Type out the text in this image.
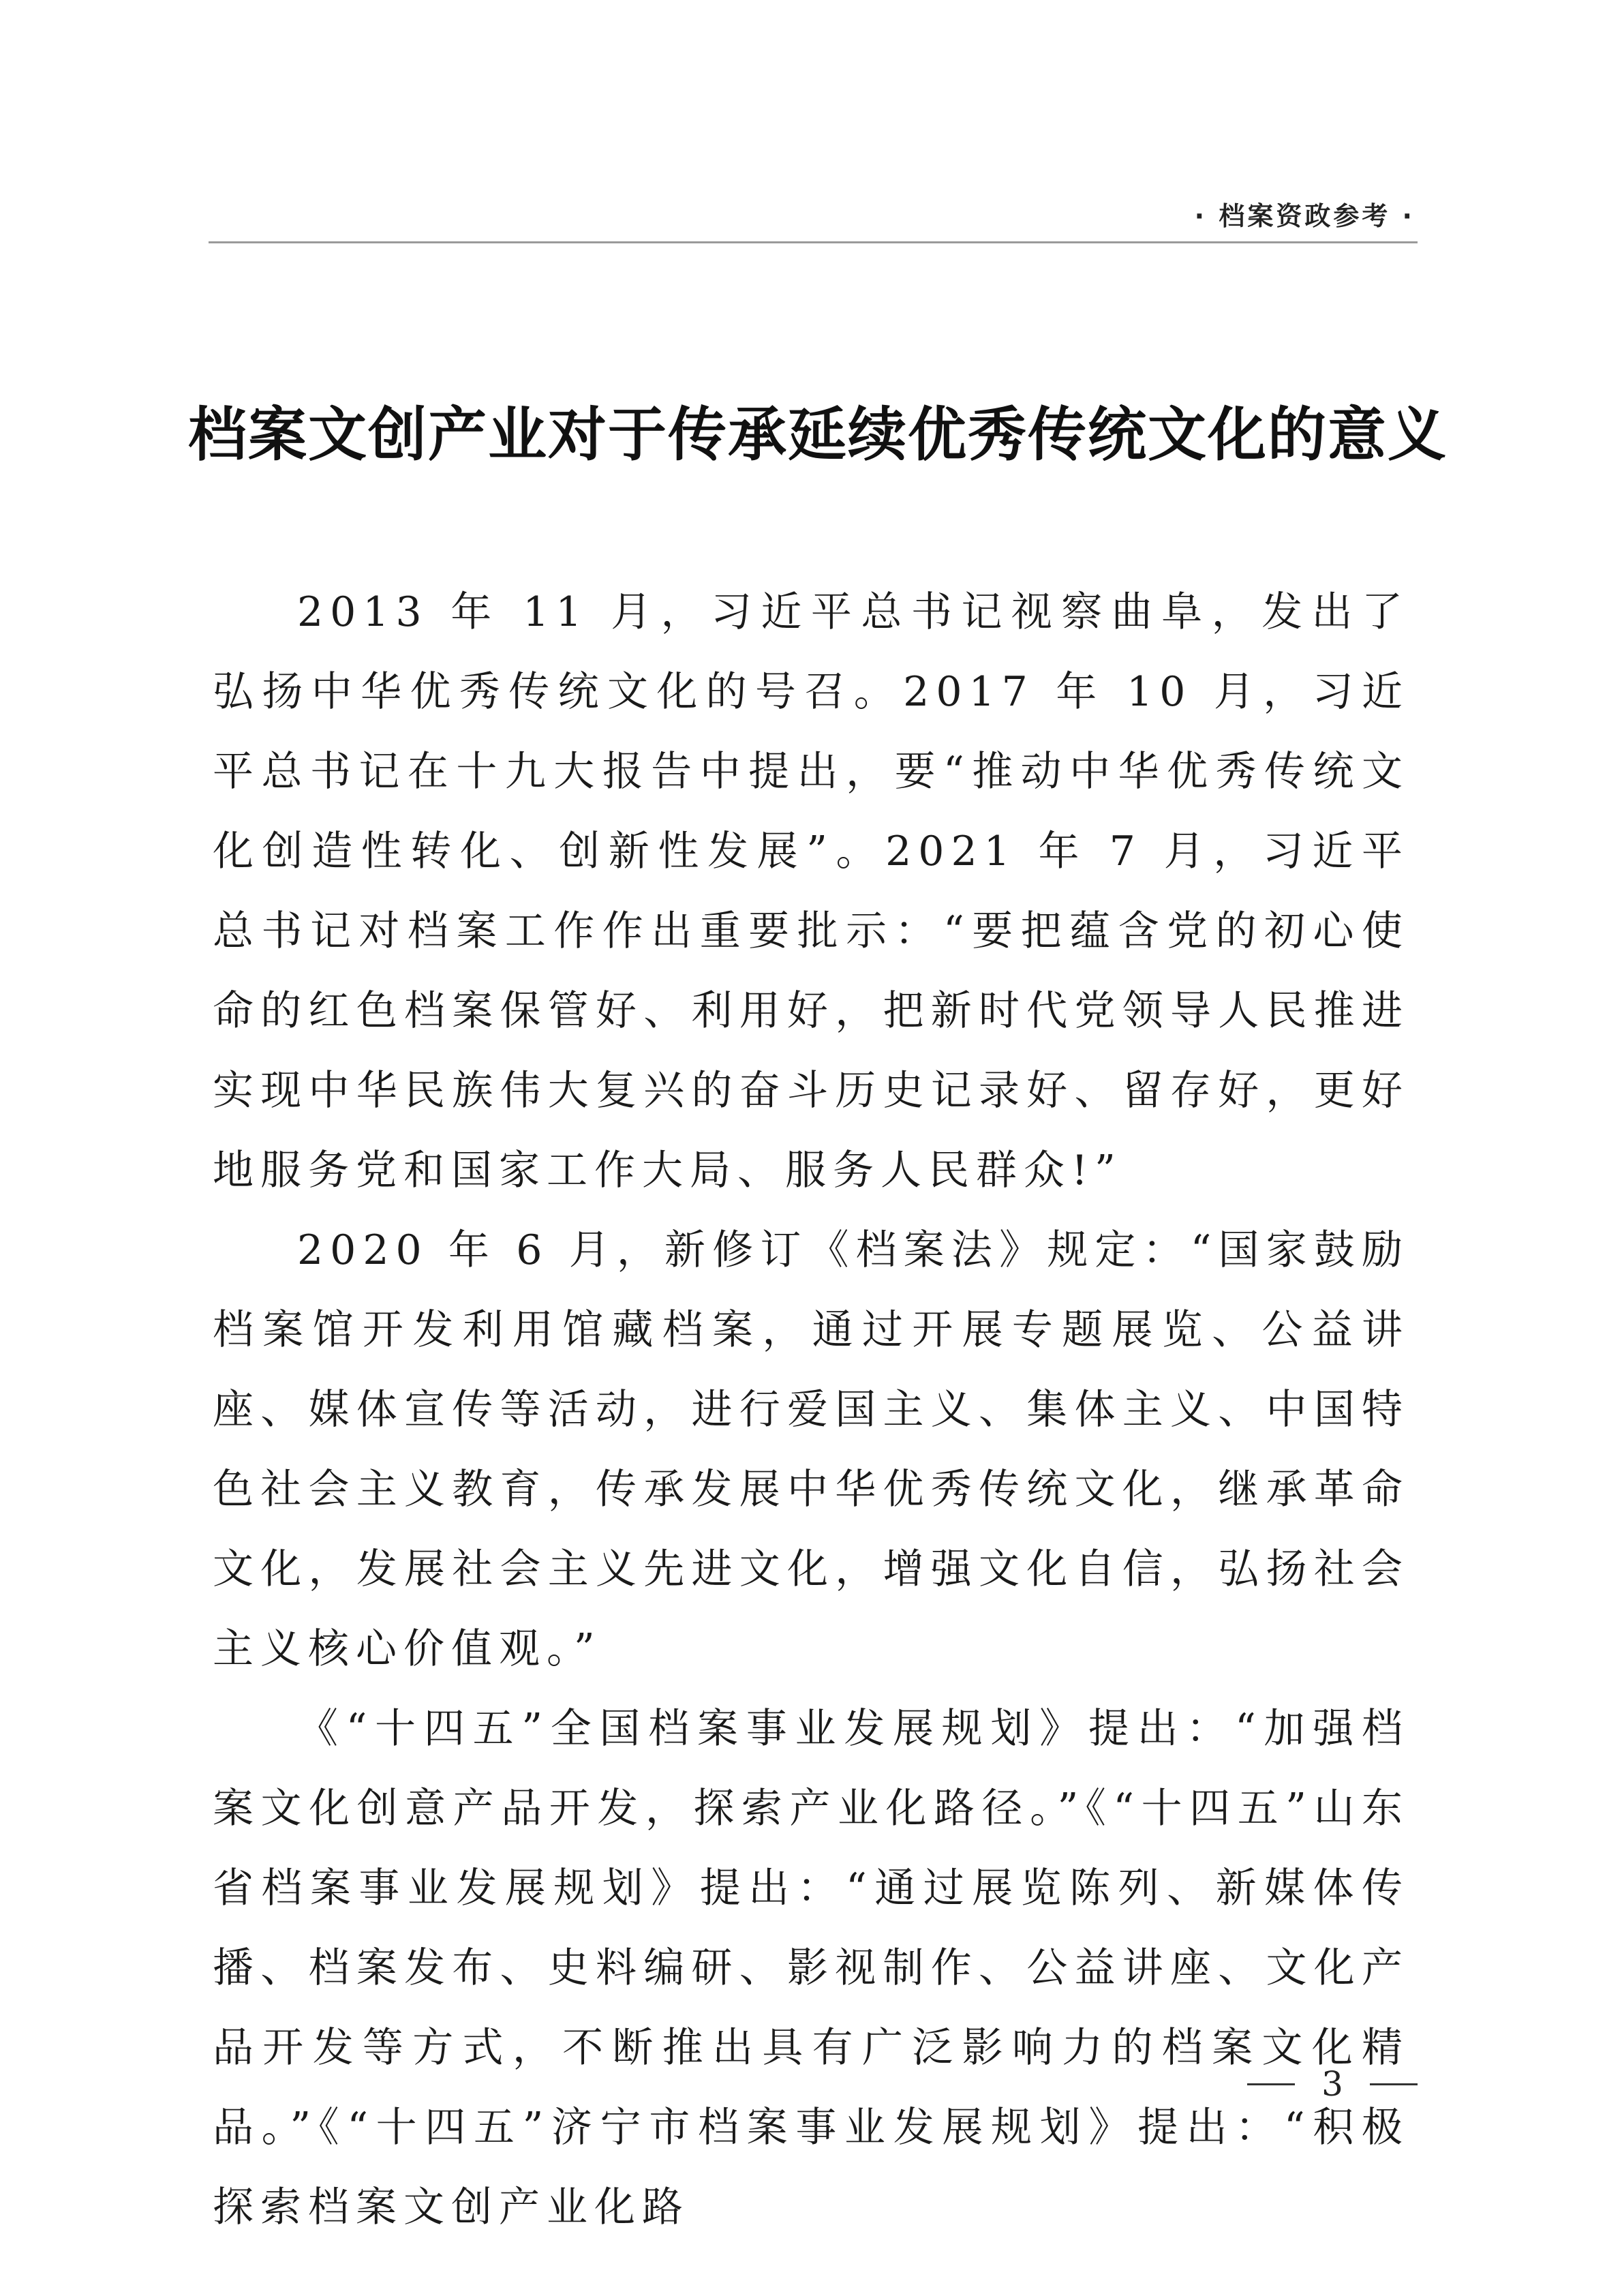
· 档案资政参考 ·
档案文创产业对于传承延续优秀传统文化的意义

2013 年 11 月，习近平总书记视察曲阜，发出了弘扬中华优秀传统文化的号召。2017 年 10 月，习近平总书记在十九大报告中提出，要“推动中华优秀传统文化创造性转化、创新性发展”。2021 年 7 月，习近平总书记对档案工作作出重要批示：“要把蕴含党的初心使命的红色档案保管好、利用好，把新时代党领导人民推进实现中华民族伟大复兴的奋斗历史记录好、留存好，更好地服务党和国家工作大局、服务人民群众!”

2020 年 6 月，新修订《档案法》规定：“国家鼓励档案馆开发利用馆藏档案，通过开展专题展览、公益讲座、媒体宣传等活动，进行爱国主义、集体主义、中国特色社会主义教育，传承发展中华优秀传统文化，继承革命文化，发展社会主义先进文化，增强文化自信，弘扬社会主义核心价值观。”

《“十四五”全国档案事业发展规划》提出：“加强档案文化创意产品开发，探索产业化路径。”《“十四五”山东省档案事业发展规划》提出：“通过展览陈列、新媒体传播、档案发布、史料编研、影视制作、公益讲座、文化产品开发等方式，不断推出具有广泛影响力的档案文化精品。”《“十四五”济宁市档案事业发展规划》提出：“积极探索档案文创产业化路

3
